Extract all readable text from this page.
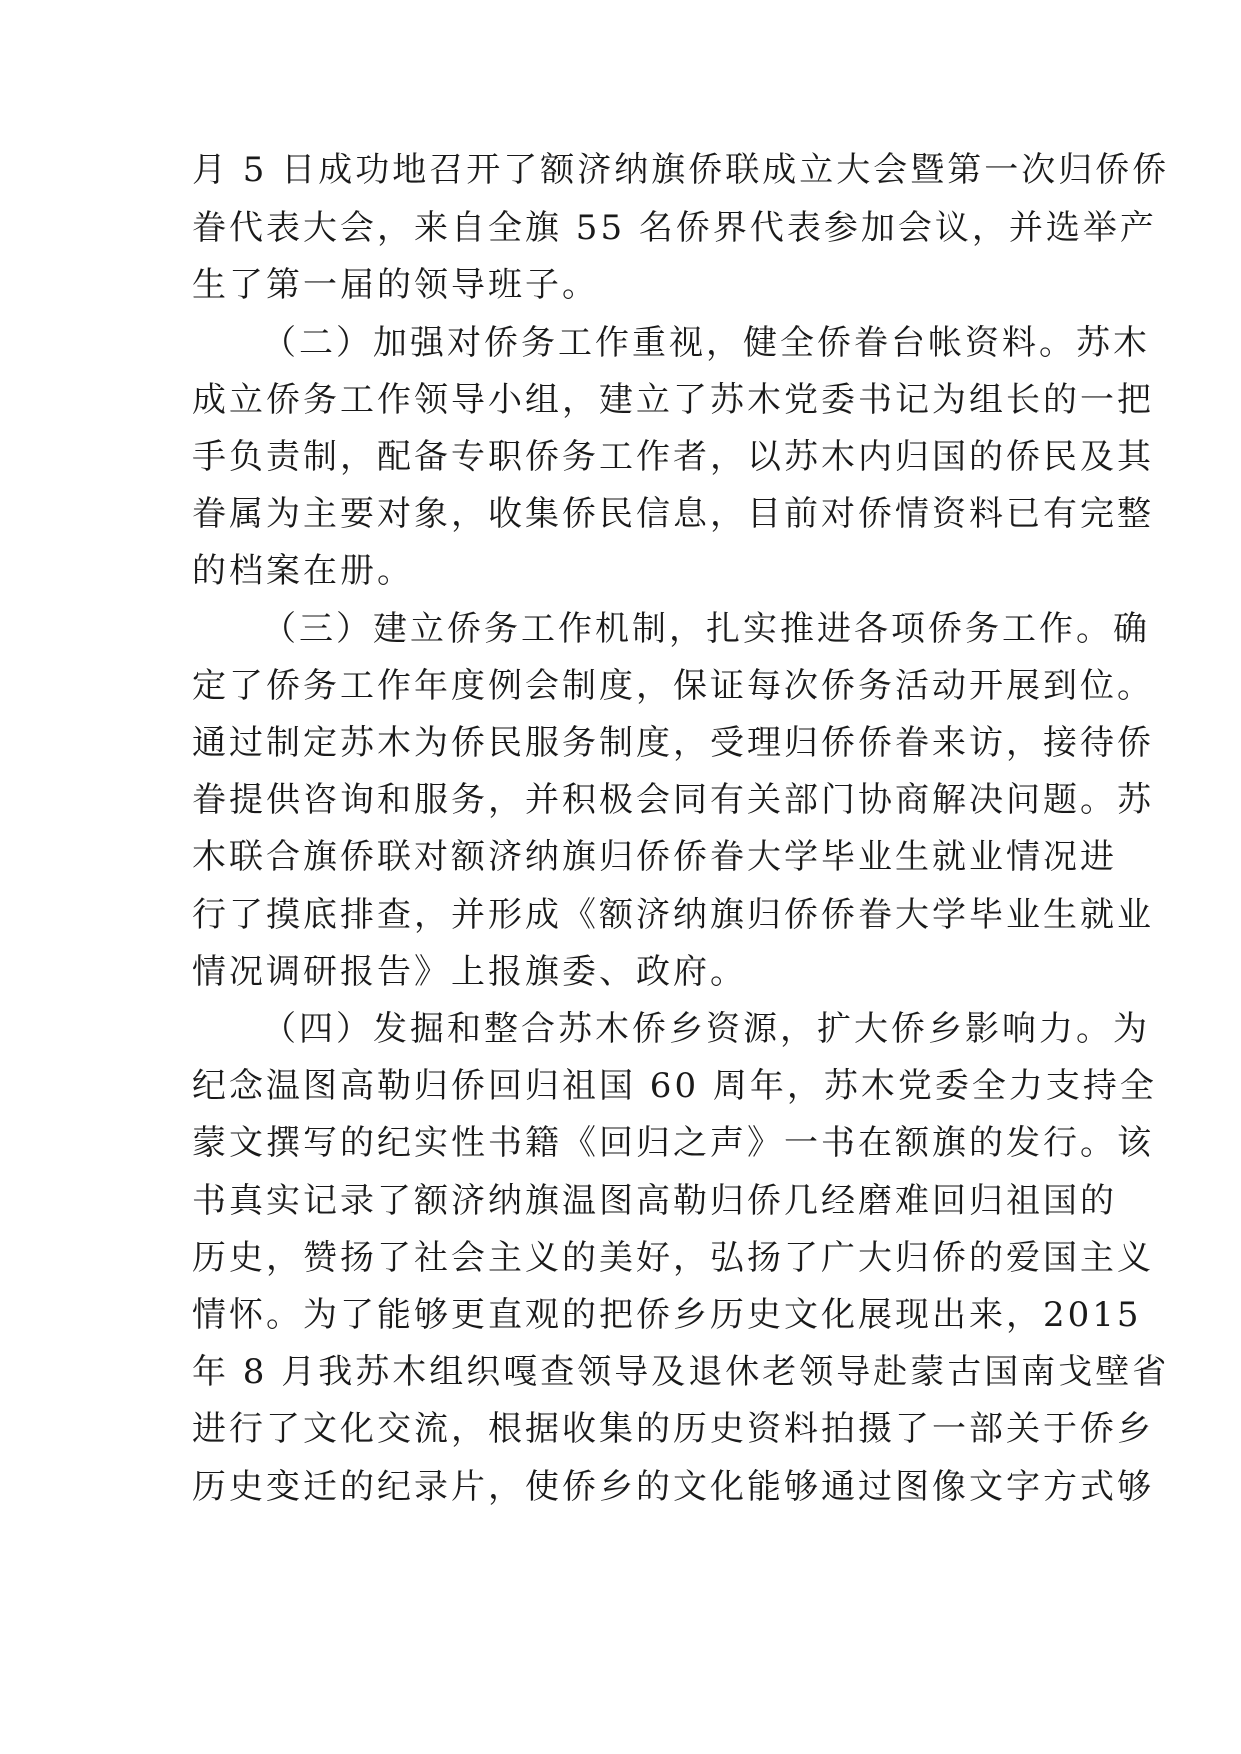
月 5 日成功地召开了额济纳旗侨联成立大会暨第一次归侨侨
眷代表大会，来自全旗 55 名侨界代表参加会议，并选举产
生了第一届的领导班子。
（二）加强对侨务工作重视，健全侨眷台帐资料。苏木
成立侨务工作领导小组，建立了苏木党委书记为组长的一把
手负责制，配备专职侨务工作者，以苏木内归国的侨民及其
眷属为主要对象，收集侨民信息，目前对侨情资料已有完整
的档案在册。
（三）建立侨务工作机制，扎实推进各项侨务工作。确
定了侨务工作年度例会制度，保证每次侨务活动开展到位。
通过制定苏木为侨民服务制度，受理归侨侨眷来访，接待侨
眷提供咨询和服务，并积极会同有关部门协商解决问题。苏
木联合旗侨联对额济纳旗归侨侨眷大学毕业生就业情况进
行了摸底排查，并形成《额济纳旗归侨侨眷大学毕业生就业
情况调研报告》上报旗委、政府。
（四）发掘和整合苏木侨乡资源，扩大侨乡影响力。为
纪念温图高勒归侨回归祖国 60 周年，苏木党委全力支持全
蒙文撰写的纪实性书籍《回归之声》一书在额旗的发行。该
书真实记录了额济纳旗温图高勒归侨几经磨难回归祖国的
历史，赞扬了社会主义的美好，弘扬了广大归侨的爱国主义
情怀。为了能够更直观的把侨乡历史文化展现出来，2015
年 8 月我苏木组织嘎查领导及退休老领导赴蒙古国南戈壁省
进行了文化交流，根据收集的历史资料拍摄了一部关于侨乡
历史变迁的纪录片，使侨乡的文化能够通过图像文字方式够
